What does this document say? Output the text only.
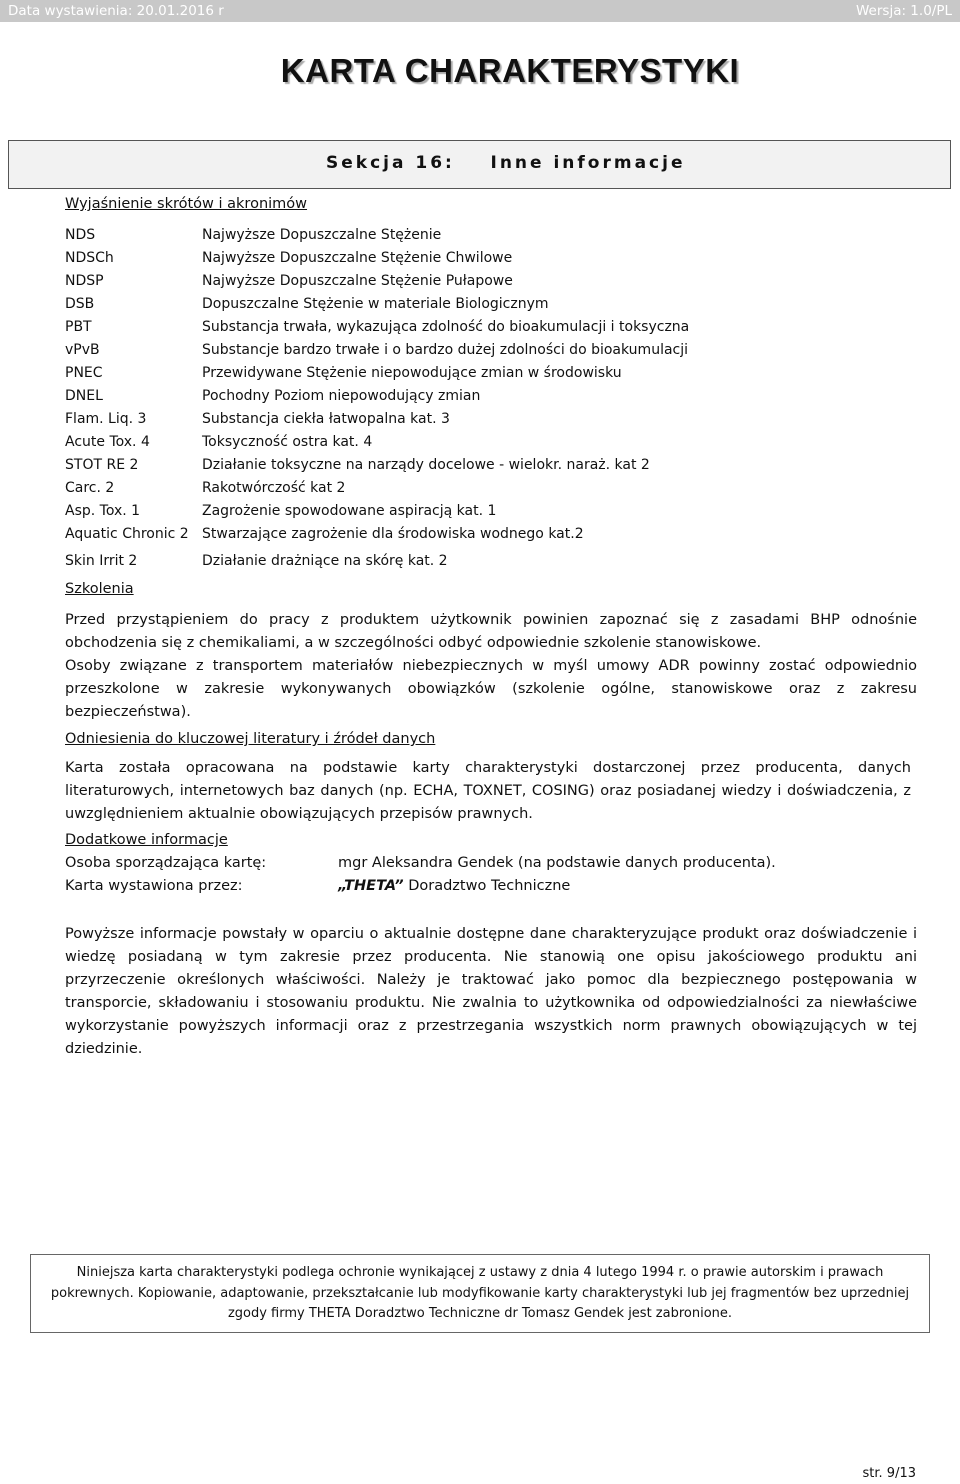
Data wystawienia: 20.01.2016 r	Wersja: 1.0/PL
KARTA CHARAKTERYSTYKI
Sekcja 16:    Inne informacje
Wyjaśnienie skrótów i akronimów
NDS	Najwyższe Dopuszczalne Stężenie
NDSCh	Najwyższe Dopuszczalne Stężenie Chwilowe
NDSP	Najwyższe Dopuszczalne Stężenie Pułapowe
DSB	Dopuszczalne Stężenie w materiale Biologicznym
PBT	Substancja trwała, wykazująca zdolność do bioakumulacji i toksyczna
vPvB	Substancje bardzo trwałe i o bardzo dużej zdolności do bioakumulacji
PNEC	Przewidywane Stężenie niepowodujące zmian w środowisku
DNEL	Pochodny Poziom niepowodujący zmian
Flam. Liq. 3	Substancja ciekła łatwopalna kat. 3
Acute Tox. 4	Toksyczność ostra kat. 4
STOT RE 2	Działanie toksyczne na narządy docelowe - wielokr. naraż. kat 2
Carc. 2	Rakotwórczość kat 2
Asp. Tox. 1	Zagrożenie spowodowane aspiracją kat. 1
Aquatic Chronic 2 Stwarzające zagrożenie dla środowiska wodnego kat.2
Skin Irrit 2	Działanie drażniące na skórę kat. 2
Szkolenia
Przed przystąpieniem do pracy z produktem użytkownik powinien zapoznać się z zasadami BHP odnośnie obchodzenia się z chemikaliami, a w szczególności odbyć odpowiednie szkolenie stanowiskowe.
Osoby związane z transportem materiałów niebezpiecznych w myśl umowy ADR powinny zostać odpowiednio przeszkolone w zakresie wykonywanych obowiązków (szkolenie ogólne, stanowiskowe oraz z zakresu bezpieczeństwa).
Odniesienia do kluczowej literatury i źródeł danych
Karta została opracowana na podstawie karty charakterystyki dostarczonej przez producenta, danych literaturowych, internetowych baz danych (np. ECHA, TOXNET, COSING) oraz posiadanej wiedzy i doświadczenia, z uwzględnieniem aktualnie obowiązujących przepisów prawnych.
Dodatkowe informacje
Osoba sporządzająca kartę:	mgr Aleksandra Gendek (na podstawie danych producenta).
Karta wystawiona przez:	„THETA” Doradztwo Techniczne
Powyższe informacje powstały w oparciu o aktualnie dostępne dane charakteryzujące produkt oraz doświadczenie i wiedzę posiadaną w tym zakresie przez producenta. Nie stanowią one opisu jakościowego produktu ani przyrzeczenie określonych właściwości. Należy je traktować jako pomoc dla bezpiecznego postępowania w transporcie, składowaniu i stosowaniu produktu. Nie zwalnia to użytkownika od odpowiedzialności za niewłaściwe wykorzystanie powyższych informacji oraz z przestrzegania wszystkich norm prawnych obowiązujących w tej dziedzinie.
Niniejsza karta charakterystyki podlega ochronie wynikającej z ustawy z dnia 4 lutego 1994 r. o prawie autorskim i prawach
pokrewnych. Kopiowanie, adaptowanie, przekształcanie lub modyfikowanie karty charakterystyki lub jej fragmentów bez uprzedniej
zgody firmy THETA Doradztwo Techniczne dr Tomasz Gendek jest zabronione.
str. 9/13
